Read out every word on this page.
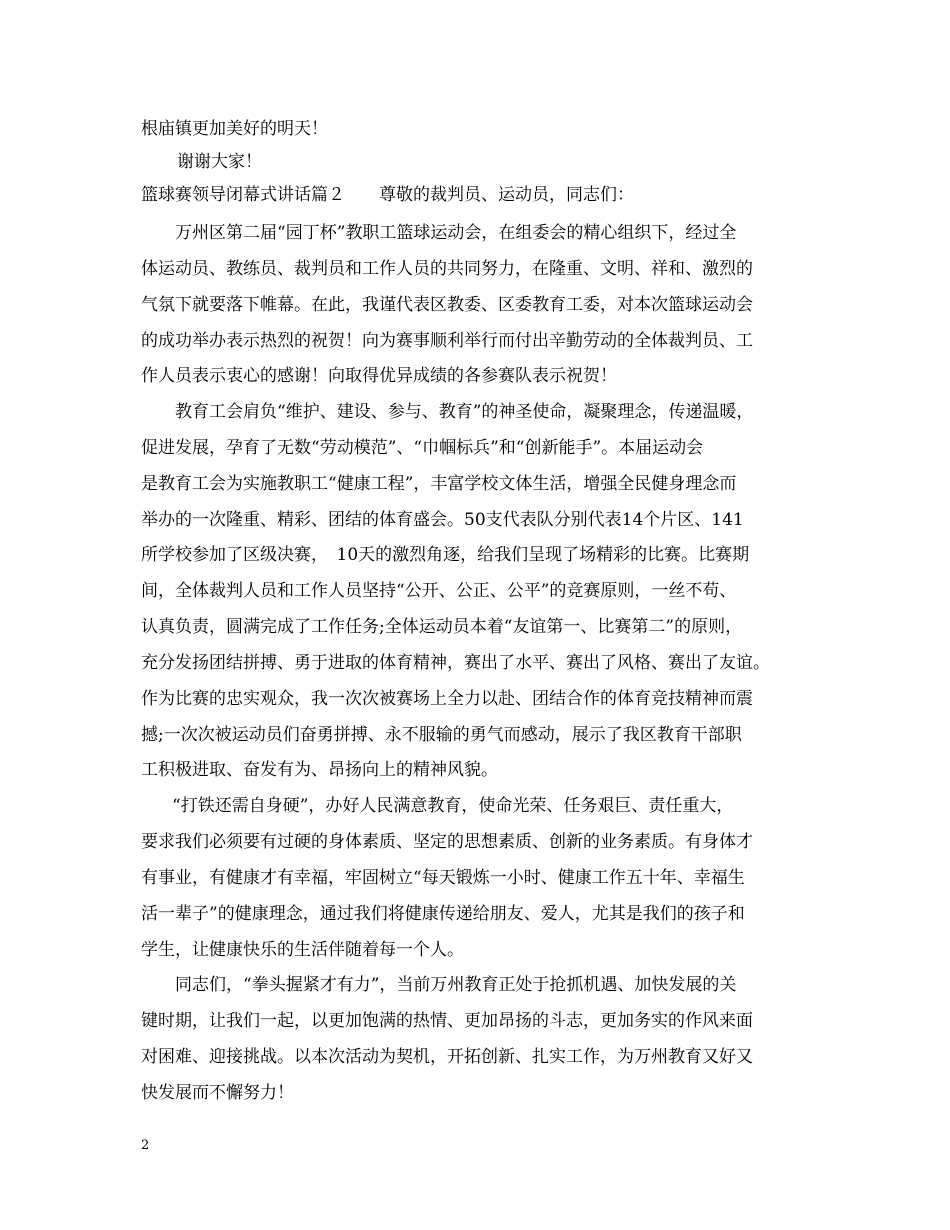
根庙镇更加美好的明天！
谢谢大家！
篮球赛领导闭幕式讲话篇２　　尊敬的裁判员、运动员，同志们：
万州区第二届“园丁杯”教职工篮球运动会，在组委会的精心组织下，经过全
体运动员、教练员、裁判员和工作人员的共同努力，在隆重、文明、祥和、激烈的
气氛下就要落下帷幕。在此，我谨代表区教委、区委教育工委，对本次篮球运动会
的成功举办表示热烈的祝贺！向为赛事顺利举行而付出辛勤劳动的全体裁判员、工
作人员表示衷心的感谢！向取得优异成绩的各参赛队表示祝贺！
教育工会肩负“维护、建设、参与、教育”的神圣使命，凝聚理念，传递温暖，
促进发展，孕育了无数“劳动模范”、“巾帼标兵”和“创新能手”。本届运动会
是教育工会为实施教职工“健康工程”，丰富学校文体生活，增强全民健身理念而
举办的一次隆重、精彩、团结的体育盛会。50支代表队分别代表14个片区、141
所学校参加了区级决赛，　10天的激烈角逐，给我们呈现了场精彩的比赛。比赛期
间，全体裁判人员和工作人员坚持“公开、公正、公平”的竞赛原则，一丝不苟、
认真负责，圆满完成了工作任务;全体运动员本着“友谊第一、比赛第二”的原则，
充分发扬团结拼搏、勇于进取的体育精神，赛出了水平、赛出了风格、赛出了友谊。
作为比赛的忠实观众，我一次次被赛场上全力以赴、团结合作的体育竞技精神而震
撼;一次次被运动员们奋勇拼搏、永不服输的勇气而感动，展示了我区教育干部职
工积极进取、奋发有为、昂扬向上的精神风貌。
“打铁还需自身硬”，办好人民满意教育，使命光荣、任务艰巨、责任重大，
要求我们必须要有过硬的身体素质、坚定的思想素质、创新的业务素质。有身体才
有事业，有健康才有幸福，牢固树立“每天锻炼一小时、健康工作五十年、幸福生
活一辈子”的健康理念，通过我们将健康传递给朋友、爱人，尤其是我们的孩子和
学生，让健康快乐的生活伴随着每一个人。
同志们，“拳头握紧才有力”，当前万州教育正处于抢抓机遇、加快发展的关
键时期，让我们一起，以更加饱满的热情、更加昂扬的斗志，更加务实的作风来面
对困难、迎接挑战。以本次活动为契机，开拓创新、扎实工作，为万州教育又好又
快发展而不懈努力！
2
